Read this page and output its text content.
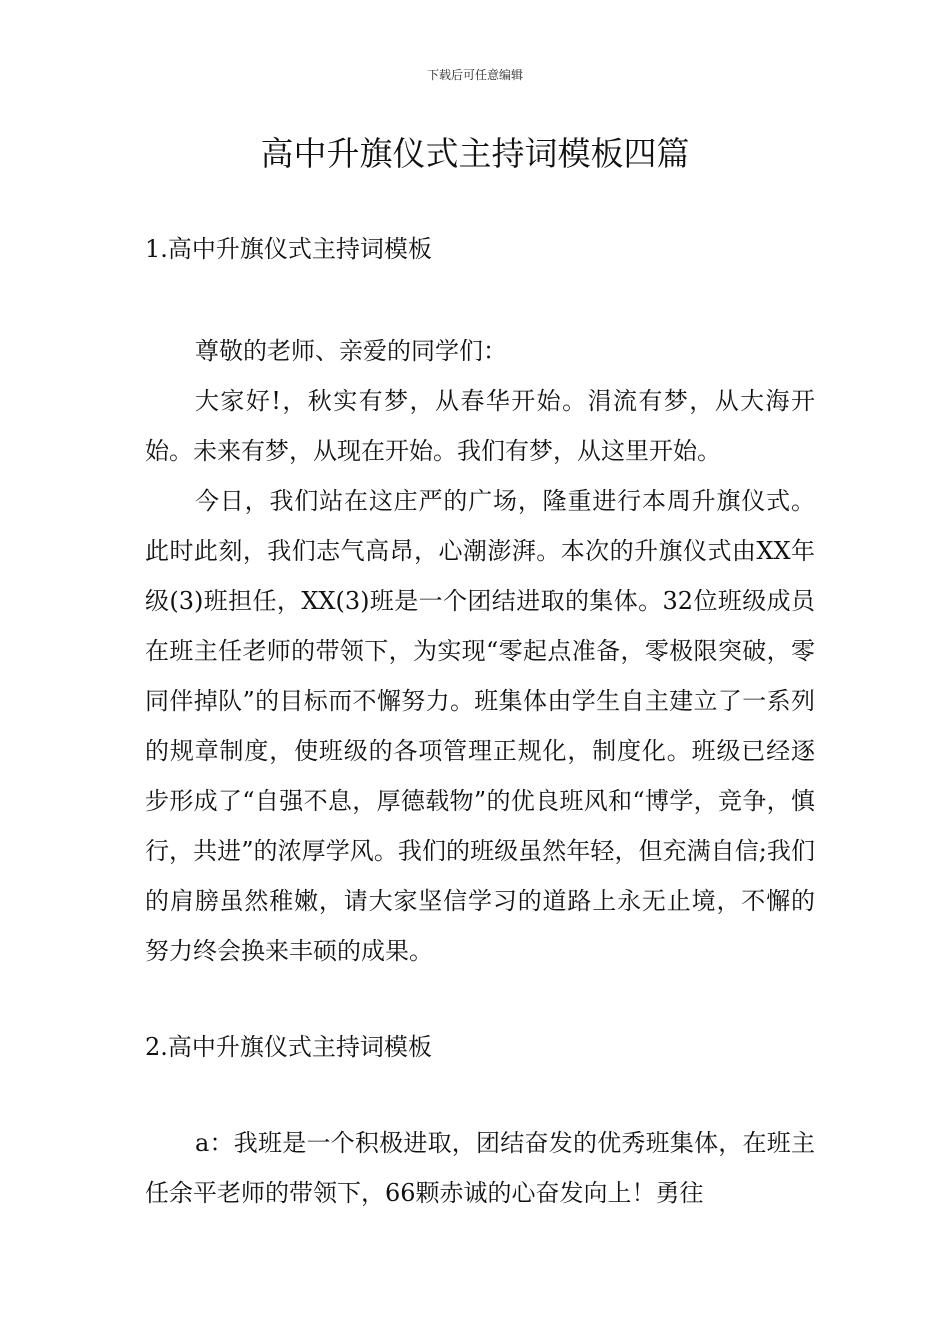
下载后可任意编辑
高中升旗仪式主持词模板四篇
1.高中升旗仪式主持词模板

尊敬的老师、亲爱的同学们：

大家好!，秋实有梦，从春华开始。涓流有梦，从大海开始。未来有梦，从现在开始。我们有梦，从这里开始。

今日，我们站在这庄严的广场，隆重进行本周升旗仪式。此时此刻，我们志气高昂，心潮澎湃。本次的升旗仪式由XX年级(3)班担任，XX(3)班是一个团结进取的集体。32位班级成员在班主任老师的带领下，为实现“零起点准备，零极限突破，零同伴掉队”的目标而不懈努力。班集体由学生自主建立了一系列的规章制度，使班级的各项管理正规化，制度化。班级已经逐步形成了“自强不息，厚德载物”的优良班风和“博学，竞争，慎行，共进”的浓厚学风。我们的班级虽然年轻，但充满自信;我们的肩膀虽然稚嫩，请大家坚信学习的道路上永无止境，不懈的努力终会换来丰硕的成果。

2.高中升旗仪式主持词模板

a：我班是一个积极进取，团结奋发的优秀班集体，在班主任余平老师的带领下，66颗赤诚的心奋发向上！勇往
